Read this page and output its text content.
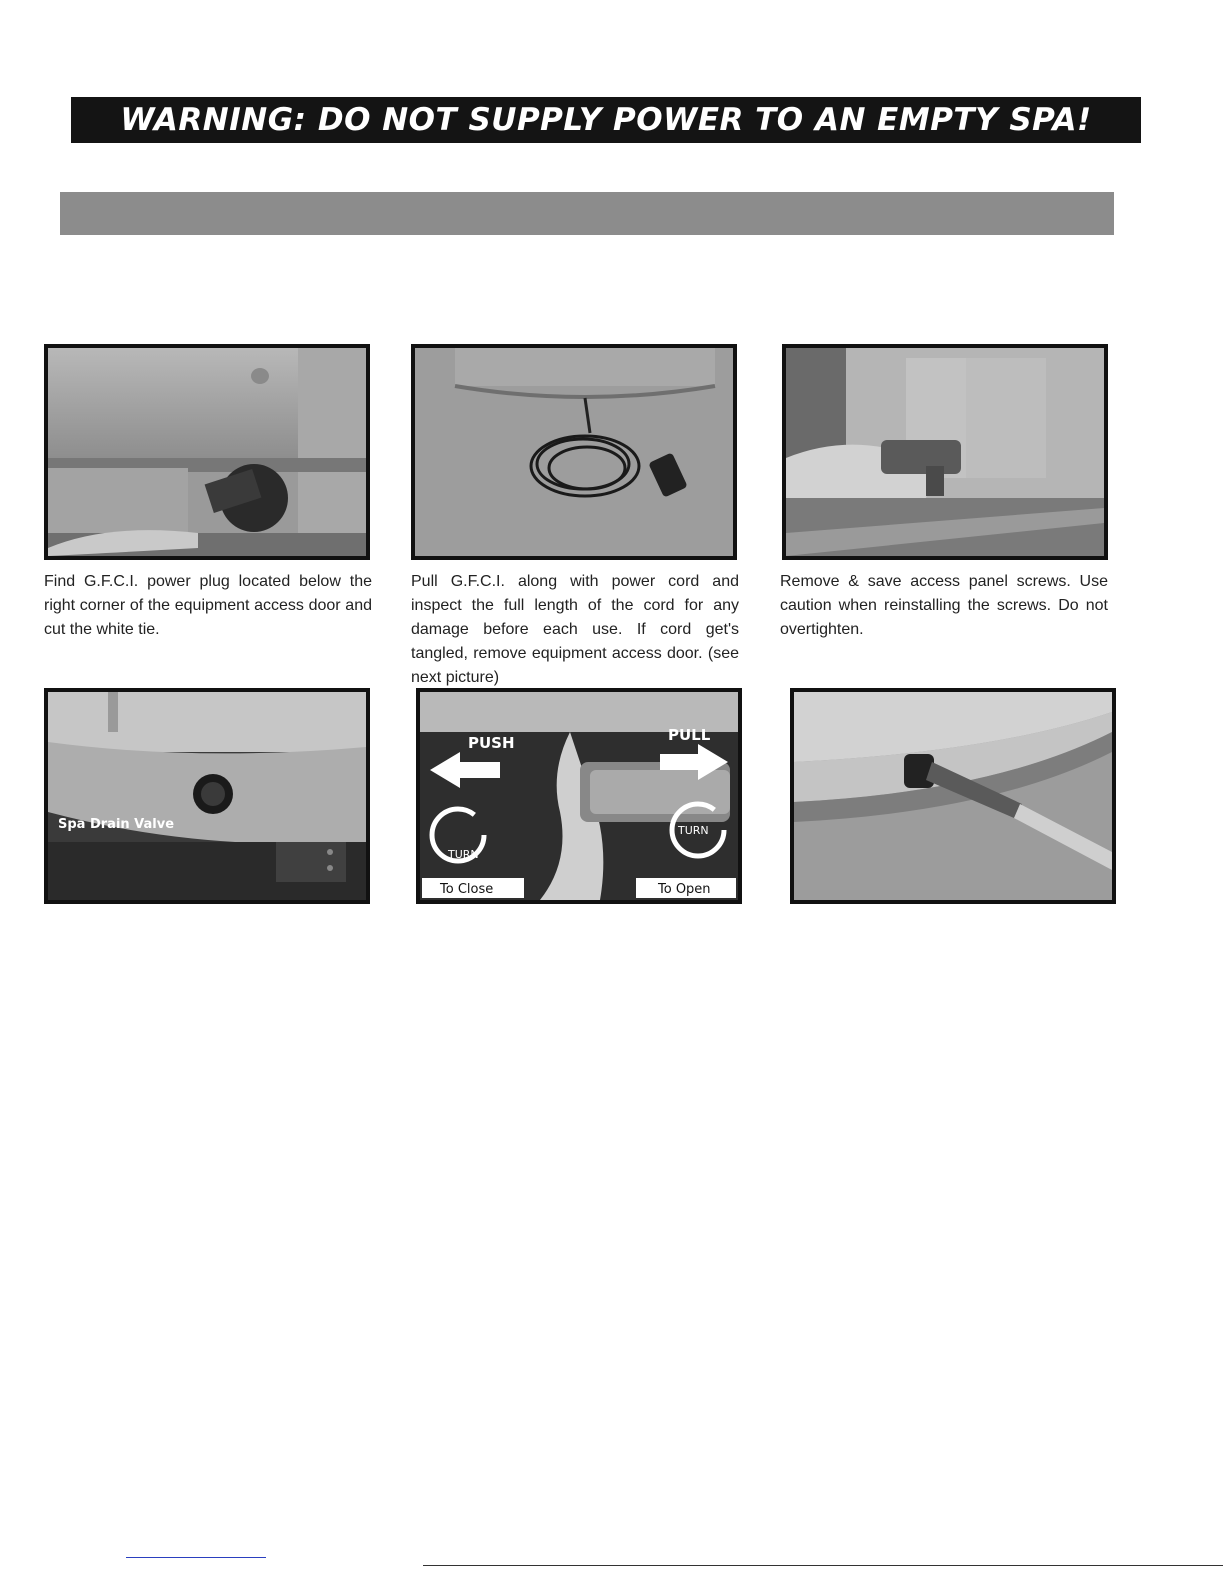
WARNING: DO NOT SUPPLY POWER TO AN EMPTY SPA!
Find G.F.C.I. power plug located below the right corner of the equipment access door and cut the white tie.
Pull G.F.C.I. along with power cord and inspect the full length of the cord for any damage before each use. If cord get's tangled, remove equipment access door. (see next picture)
Remove & save access panel screws. Use caution when reinstalling the screws. Do not overtighten.
Spa Drain Valve
PUSH	PULL
TURN
TURN
To Close	To Open
